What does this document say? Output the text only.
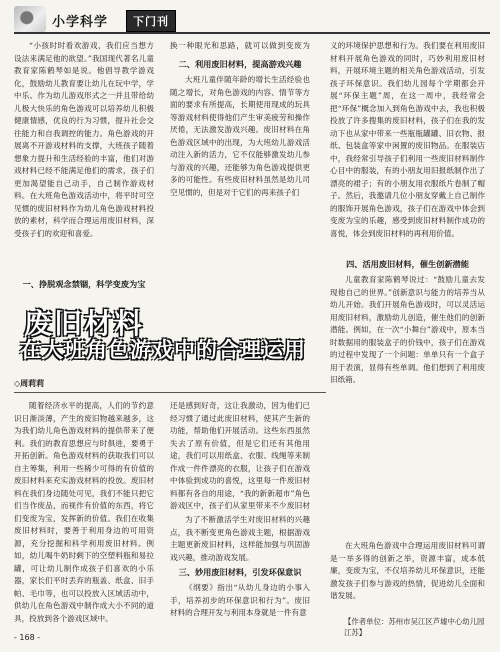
小学科学	下门刊

“小孩时时看欢游戏，我们应当想方设法来满足他的欲望。”我国现代著名儿童教育家陈鹤琴如是说。他倡导教学游戏化，鼓励幼儿教育要让幼儿在玩中学，学中乐。作为幼儿游戏形式之一并且带给幼儿极大快乐的角色游戏可以培养幼儿积极健康情感，优良的行为习惯，提升社会交往能力和自我调控的能力。角色游戏的开展离不开游戏材料的支撑，大班孩子随着想象力提升和生活经验的丰富，他们对游戏材料已经不能满足他们的需求，孩子们更加渴望能自己动手，自己制作游戏材料。在大班角色游戏活动中，将平时可空见惯的废旧材料作为幼儿角色游戏材料投放的素材，科学而合理运用废旧材料，深受孩子们的欢迎和喜爱。

一、挣脱观念禁锢，科学变废为宝

换一种眼光和思路，就可以做到变废为

二、利用废旧材料，提高游戏兴趣

大班儿童伴随年龄的增长生活经验也随之增长，对角色游戏的内容、情节等方面的要求有所提高，长期使用现成的玩具等游戏材料使得他们产生审美疲劳和操作厌倦，无法激发游戏兴趣。废旧材料在角色游戏区域中的出现，为大班幼儿游戏活动注入新的活力，它不仅能够激发幼儿参与游戏的兴趣，还能够为角色游戏提供更多的可能性。有些废旧材料虽然是幼儿司空见惯的，但是对于它们的再来孩子们

义的环境保护思想和行为。我们要在利用废旧材料开展角色游戏的同时，巧妙利用废旧材料，开展环境主题的相关角色游戏活动，引发孩子环保意识。我们幼儿园每个学期都会开展“环保主题”周，在这一周中，我经常会把“环保”概念加入到角色游戏中去，我也积极投放了许多搜集的废旧材料，孩子们在我的发动下也从家中带来一些瓶瓶罐罐、旧衣物、报纸、包装盒等家中闲置的废旧物品。在服装店中，我经常引导孩子们利用一些废旧材料制作心目中的服装，有的小朋友用旧报纸制作出了漂亮的裙子；有的小朋友用衣服纸片卷制了帽子。然后，我邀请几位小朋友穿戴上自己制作的服饰开展角色游戏，孩子们在游戏中体会到变废为宝的乐趣，感受到废旧材料制作成功的喜悦，体会到废旧材料的再利用价值。

四、活用废旧材料，催生创新潜能

儿童教育家陈鹤琴说过：“鼓励儿童去发现他自己的世界。”创新意识与能力的培养当从幼儿开始。我们开展角色游戏时，可以灵活运用废旧材料，激励幼儿创造，催生他们的创新潜能。例如，在一次“小舞台”游戏中，原本当时数据用的服装盒子的价钱中，孩子们在游戏的过程中发现了一个问题：单单只有一个盒子用于表演，显得有些单调。他们想到了利用废旧纸箱。

废旧材料
在大班角色游戏中的合理运用
◇周莉莉

随着经济水平的提高，人们的节约意识日渐淡薄，产生的废旧物越来越多，这为我们幼儿角色游戏材料的提供带来了便利。我们的教育思想应与时俱进，要勇于开拓创新。角色游戏材料的获取我们可以自主筹集，利用一些稀少可得的有价值的废旧材料来充实游戏材料的投放。废旧材料在我们身边随处可见，我们不能只把它们当作废品，而视作有价值的东西，将它们变废为宝，发挥新的价值。我们在收集废旧材料时，要善于利用身边的可用资源，充分挖掘和科学利用废旧材料。例如，幼儿喝牛奶时剩下的空塑料瓶和易拉罐，可让幼儿制作成孩子们喜欢的小乐器，家长们平时丢弃的瓶盖、纸盒、旧手帕、毛巾等，也可以投放入区域活动中，供幼儿在角色游戏中制作成大小不同的道具，投放到各个游戏区域中。

还是感到好奇，这让我激动，因为他们已经习惯了通过此废旧材料，使其产生新的功能，帮助他们开展活动。这些东西虽然失去了原有价值，但是它们还有其他用途，我们可以用纸盒、衣服、线绳等来制作成一件件漂亮的衣服，让孩子们在游戏中体验到成功的喜悦，这里每一件废旧材料都有各自的用途，“我的新新超市”角色游戏区中，孩子们从家里带来不少废旧材

为了不断激活学生对废旧材料的兴趣点，我不断变更角色游戏主题，根据游戏主题更新废旧材料，这样能加强与巩固游戏兴趣，推动游戏发展。

三、妙用废旧材料，引发环保意识

《纲要》指出“从幼儿身边的小事入手，培养初步的环保意识和行为”。废旧材料的合理开发与利用本身就是一件有意

在大班角色游戏中合理运用废旧材料可谓是一举多得的创新之举，资源丰富，成本低廉，变废为宝，不仅培养幼儿环保意识，还能激发孩子们参与游戏的热情，促进幼儿全面和谐发展。

【作者单位：苏州市吴江区芦墟中心幼儿园 江苏】

- 168 -
